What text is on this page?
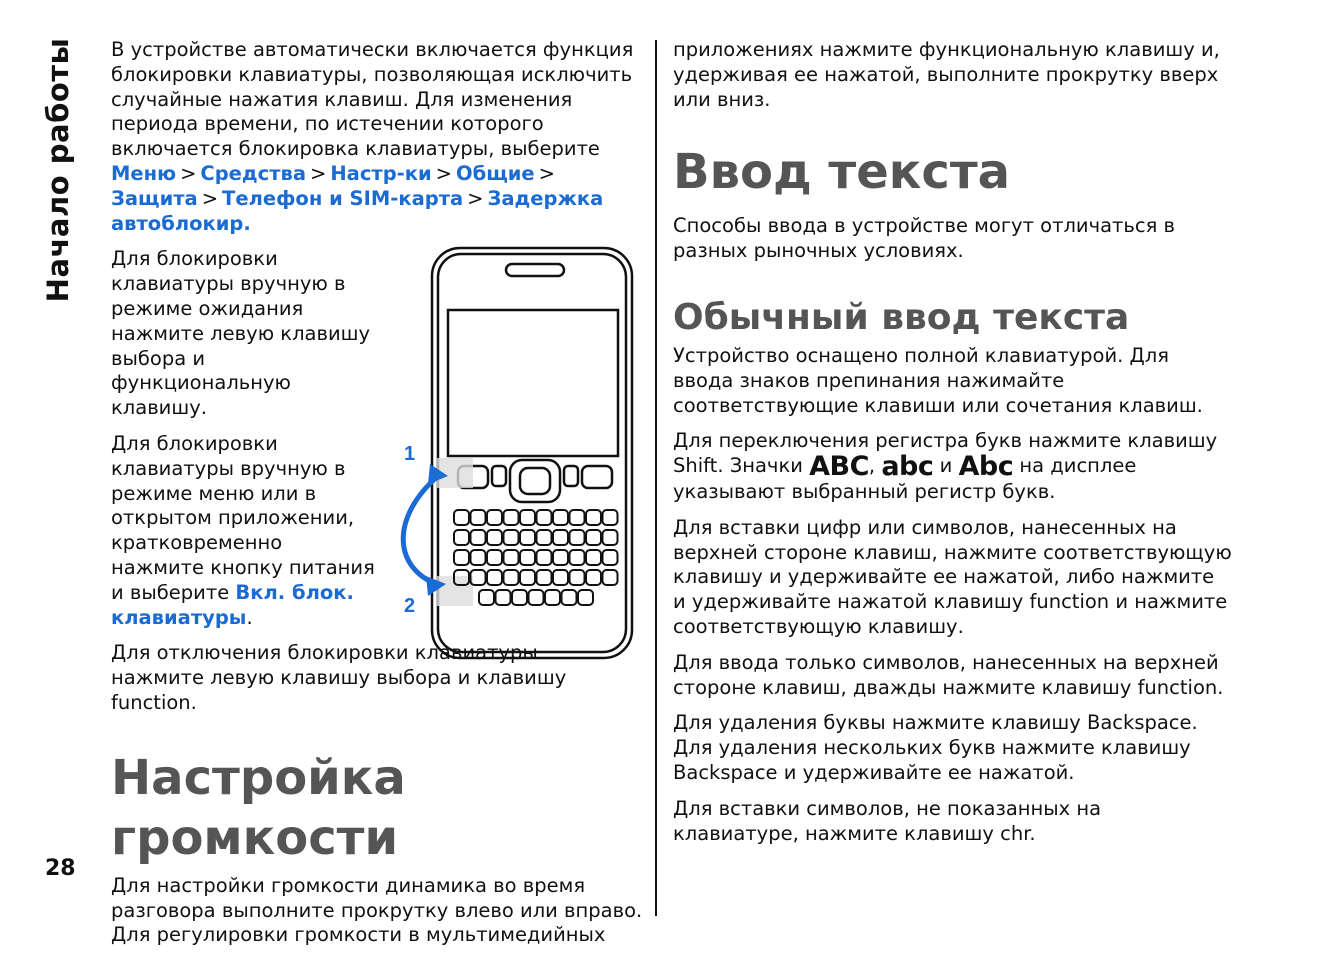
Начало работы
28

В устройстве автоматически включается функция блокировки клавиатуры, позволяющая исключить случайные нажатия клавиш. Для изменения периода времени, по истечении которого включается блокировка клавиатуры, выберите Меню > Средства > Настр-ки > Общие > Защита > Телефон и SIM-карта > Задержка автоблокир.

Для блокировки клавиатуры вручную в режиме ожидания нажмите левую клавишу выбора и функциональную клавишу.

Для блокировки клавиатуры вручную в режиме меню или в открытом приложении, кратковременно нажмите кнопку питания и выберите Вкл. блок. клавиатуры.

Для отключения блокировки клавиатуры нажмите левую клавишу выбора и клавишу function.

Настройка громкости

Для настройки громкости динамика во время разговора выполните прокрутку влево или вправо. Для регулировки громкости в мультимедийных

1
2

приложениях нажмите функциональную клавишу и, удерживая ее нажатой, выполните прокрутку вверх или вниз.

Ввод текста

Способы ввода в устройстве могут отличаться в разных рыночных условиях.

Обычный ввод текста

Устройство оснащено полной клавиатурой. Для ввода знаков препинания нажимайте соответствующие клавиши или сочетания клавиш.

Для переключения регистра букв нажмите клавишу Shift. Значки ABC, abc и Abc на дисплее указывают выбранный регистр букв.

Для вставки цифр или символов, нанесенных на верхней стороне клавиш, нажмите соответствующую клавишу и удерживайте ее нажатой, либо нажмите и удерживайте нажатой клавишу function и нажмите соответствующую клавишу.

Для ввода только символов, нанесенных на верхней стороне клавиш, дважды нажмите клавишу function.

Для удаления буквы нажмите клавишу Backspace. Для удаления нескольких букв нажмите клавишу Backspace и удерживайте ее нажатой.

Для вставки символов, не показанных на клавиатуре, нажмите клавишу chr.
